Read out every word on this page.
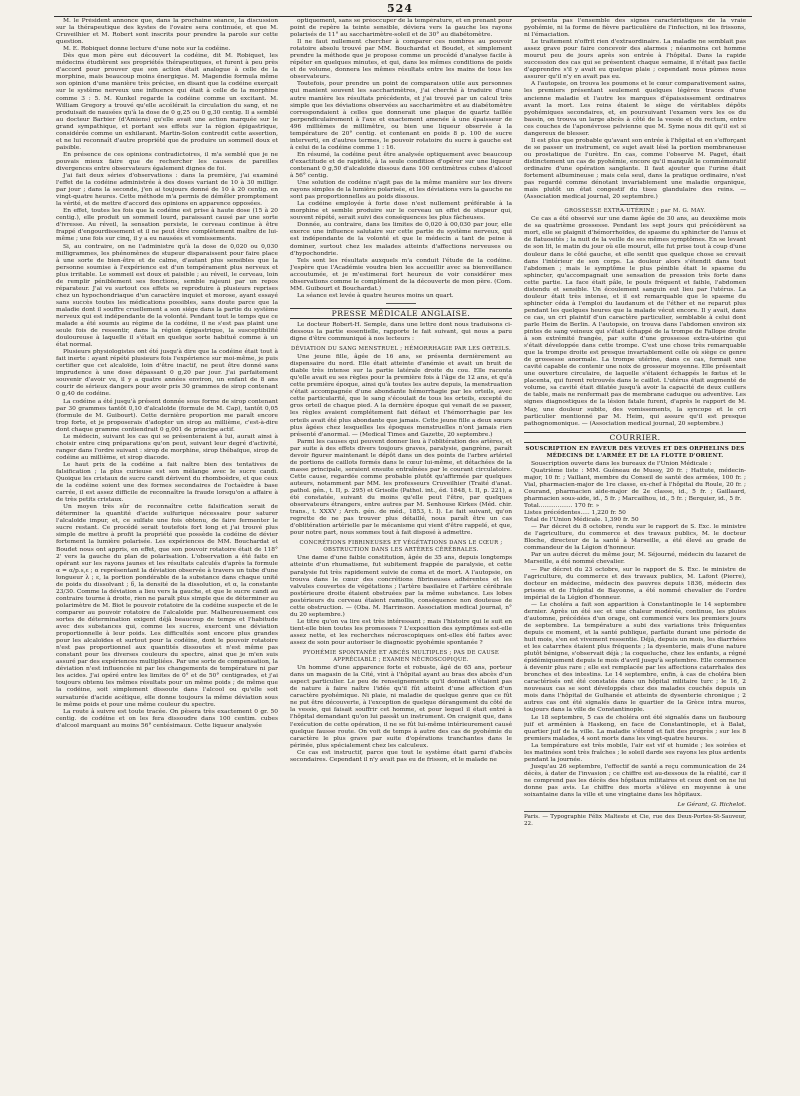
524

M. le Président annonce que, dans la prochaine séance, la discussion sur la thérapeutique des kystes de l'ovaire sera continuée, et que M. Cruveilhier et M. Robert sont inscrits pour prendre la parole sur cette question.

M. E. Robiquet donne lecture d'une note sur la codéine.

Dès que mon père eut découvert la codéine, dit M. Robiquet, les médecins étudièrent ses propriétés thérapeutiques, et furent à peu près d'accord pour prouver que son action était analogue à celle de la morphine, mais beaucoup moins énergique. M. Magendie formula même son opinion d'une manière très précise, en disant que la codéine exerçait sur le système nerveux une influence qui était à celle de la morphine comme 3 : 5. M. Kunkel regarde la codéine comme un excitant. M. William Gregory a trouvé qu'elle accélérait la circulation du sang, et ne produisait de nausées qu'à la dose de 0 g,25 ou 0 g,30 centig. Il a semblé au docteur Barbier (d'Amiens) qu'elle avait une action marquée sur le grand sympathique, et portant ses effets sur la région épigastrique, considérée comme un exhilarant. Martin-Solon contredit cette assertion, et ne lui reconnaît d'autre propriété que de produire un sommeil doux et paisible.

En présence de ces opinions contradictoires, il m'a semblé que je ne pouvais mieux faire que de rechercher les causes de pareilles divergences entre observateurs également dignes de foi.

J'ai fait deux séries d'observations : dans la première, j'ai examiné l'effet de la codéine administrée à des doses variant de 10 à 30 milligr. par jour ; dans la seconde, j'en ai toujours donné de 10 à 20 centig. en vingt-quatre heures. Cette méthode m'a permis de démêler promptement la vérité, et de mettre d'accord des opinions en apparence opposées.

En effet, toutes les fois que la codéine est prise à haute dose (15 à 20 centig.), elle produit un sommeil lourd, paraissant causé par une sorte d'ivresse. Au réveil, la sensation persiste, le cerveau continue à être frappé d'engourdissement et il ne peut être complètement maître de lui-même ; une fois sur cinq, il y a eu nausées et vomissements.

Si, au contraire, on ne l'administre qu'à la dose de 0,020 ou 0,030 milligrammes, les phénomènes de stupeur disparaissent pour faire place à une sorte de bien-être et de calme, d'autant plus sensibles que la personne soumise à l'expérience est d'un tempérament plus nerveux et plus irritable. Le sommeil est doux et paisible ; au réveil, le cerveau, loin de remplir péniblement ses fonctions, semble rajeuni par un repos réparateur. J'ai vu surtout ces effets se reproduire à plusieurs reprises chez un hypochondriaque d'un caractère inquiet et morose, ayant essayé sans succès toutes les médications possibles, sans doute parce que la maladie dont il souffre cruellement a son siége dans la partie du système nerveux qui est indépendante de la volonté. Pendant tout le temps que ce malade a été soumis au régime de la codéine, il ne s'est pas plaint une seule fois de ressentir, dans la région épigastrique, la susceptibilité douloureuse à laquelle il s'était en quelque sorte habitué comme à un état normal.

Plusieurs physiologistes ont été jusqu'à dire que la codéine était tout à fait inerte : ayant répété plusieurs fois l'expérience sur moi-même, je puis certifier que cet alcaloïde, loin d'être inactif, ne peut être donné sans imprudence à une dose dépassant 0 g,20 par jour. J'ai parfaitement souvenir d'avoir vu, il y a quatre années environ, un enfant de 8 ans courir de sérieux dangers pour avoir pris 30 grammes de sirop contenant 0 g,40 de codéine.

La codéine a été jusqu'à présent donnée sous forme de sirop contenant par 30 grammes tantôt 0,10 d'alcaloïde (formule de M. Cap), tantôt 0,05 (formule de M. Guibourt). Cette dernière proportion me paraît encore trop forte, et je proposerais d'adopter un sirop au millième, c'est-à-dire dont chaque gramme contiendrait 0 g,001 de principe actif.

Le médecin, suivant les cas qui se présenteraient à lui, aurait ainsi à choisir entre cinq préparations qu'on peut, suivant leur degré d'activité, ranger dans l'ordre suivant : sirop de morphine, sirop thébaïque, sirop de codéine au millième, et sirop diacode.

Le haut prix de la codéine a fait naître bien des tentatives de falsification ; la plus curieuse est son mélange avec le sucre candi. Quoique les cristaux de sucre candi dérivent du rhomboèdre, et que ceux de la codéine soient une des formes secondaires de l'octaèdre à base carrée, il est assez difficile de reconnaître la fraude lorsqu'on a affaire à de très petits cristaux.

Un moyen très sûr de reconnaître cette falsification serait de déterminer la quantité d'acide sulfurique nécessaire pour saturer l'alcaloïde impur, et, ce sulfate une fois obtenu, de faire fermenter le sucre restant. Ce procédé serait toutefois fort long et j'ai trouvé plus simple de mettre à profit la propriété que possède la codéine de dévier fortement la lumière polarisée. Les expériences de MM. Bouchardat et Boudet nous ont appris, en effet, que son pouvoir rotatoire était de 118° 2' vers la gauche du plan de polarisation. L'observation a été faite en opérant sur les rayons jaunes et les résultats calculés d'après la formule α = α/p.s,ε ; α représentant la déviation observée à travers un tube d'une longueur λ ; ε, la portion pondérable de la substance dans chaque unité de poids du dissolvant ; δ, la densité de la dissolution, et α, la constante 23/30. Comme la déviation a lieu vers la gauche, et que le sucre candi au contraire tourne à droite, rien ne paraît plus simple que de déterminer au polarimètre de M. Biot le pouvoir rotatoire de la codéine suspecte et de le comparer au pouvoir rotatoire de l'alcaloïde pur. Malheureusement ces sortes de détermination exigent déjà beaucoup de temps et l'habitude avec des substances qui, comme les sucres, exercent une déviation proportionnelle à leur poids. Les difficultés sont encore plus grandes pour les alcaloïdes et surtout pour la codéine, dont le pouvoir rotatoire n'est pas proportionnel aux quantités dissoutes et n'est même pas constant pour les diverses couleurs du spectre, ainsi que je m'en suis assuré par des expériences multipliées. Par une sorte de compensation, la déviation n'est influencée ni par les changements de température ni par les acides. J'ai opéré entre les limites de 0° et de 50° centigrades, et j'ai toujours obtenu les mêmes résultats pour un même poids ; de même que la codéine, soit simplement dissoute dans l'alcool ou qu'elle soit sursaturée d'acide acétique, elle donne toujours la même déviation sous le même poids et pour une même couleur du spectre.

La route à suivre est toute tracée. On pèsera très exactement 0 gr. 50 centig. de codéine et on les fera dissoudre dans 100 centim. cubes d'alcool marquant au moins 56° centésimaux. Cette liqueur analysée

optiquement, sans se préoccuper de la température, et en prenant pour point de repère la teinte sensible, déviera vers la gauche les rayons polarisés de 11° au saccharimètre-soleil et de 30° au diabétomètre.

Il ne faut nullement chercher à comparer ces nombres au pouvoir rotatoire absolu trouvé par MM. Bouchardat et Boudet, et simplement prendre la méthode que je propose comme un procédé d'analyse facile à répéter en quelques minutes, et qui, dans les mêmes conditions de poids et de volume, donnera les mêmes résultats entre les mains de tous les observateurs.

Toutefois, pour prendre un point de comparaison utile aux personnes qui manient souvent les saccharimètres, j'ai cherché à traduire d'une autre manière les résultats précédents, et j'ai trouvé par un calcul très simple que les déviations observées au saccharimètre et au diabétomètre correspondaient à celles que donnerait une plaque de quartz taillée perpendiculairement à l'axe et exactement amenée à une épaisseur de 496 millièmes de millimètre, ou bien une liqueur observée à la température de 20° centig. et contenant en poids 8 p. 100 de sucre interverti, en d'autres termes, le pouvoir rotatoire du sucre à gauche est à celui de la codéine comme 1 : 16.

En résumé, la codéine peut être analysée optiquement avec beaucoup d'exactitude et de rapidité, à la seule condition d'opérer sur une liqueur contenant 0 g,50 d'alcaloïde dissous dans 100 centimètres cubes d'alcool à 56° centig.

Une solution de codéine n'agit pas de la même manière sur les divers rayons simples de la lumière polarisée, et les déviations vers la gauche ne sont pas proportionnelles au poids dissous.

La codéine employée à forte dose n'est nullement préférable à la morphine et semble produire sur le cerveau un effet de stupeur qui, souvent répété, serait suivi des conséquences les plus fâcheuses.

Donnée, au contraire, dans les limites de 0,020 à 00,030 par jour, elle exerce une influence salutaire sur cette partie du système nerveux, qui est indépendante de la volonté et que le médecin a tant de peine à dominer, surtout chez les malades atteints d'affections nerveuses ou d'hypochondrie.

Tels sont les résultats auxquels m'a conduit l'étude de la codéine. J'espère que l'Académie voudra bien les accueillir avec sa bienveillance accoutumée, et je m'estimerai fort heureux de voir considérer mes observations comme le complément de la découverte de mon père. (Com. MM. Guibourt et Bouchardat.)

La séance est levée à quatre heures moins un quart.

PRESSE MÉDICALE ANGLAISE.

Le docteur Robert-H. Semple, dans une lettre dont nous traduisons ci-dessous la partie essentielle, rapporte le fait suivant, qui nous a paru digne d'être communiqué à nos lecteurs :

DÉVIATION DU SANG MENSTRUEL ; HÉMORRHAGIE PAR LES ORTEILS.

Une jeune fille, âgée de 16 ans, se présenta dernièrement au dispensaire du nord. Elle était atteinte d'anémie et avait un bruit de diable très intense sur la partie latérale droite du cou. Elle raconta qu'elle avait eu ses règles pour la première fois à l'âge de 12 ans, et qu'à cette première époque, ainsi qu'à toutes les autre depuis, la menstruation s'était accompagnée d'une abondante hémorrhagie par les orteils, avec cette particularité, que le sang s'écoulait de tous les orteils, excepté du gros orteil de chaque pied. A la dernière époque qui venait de se passer, les règles avaient complétement fait défaut et l'hémorrhagie par les orteils avait été plus abondante que jamais. Cette jeune fille a deux sœurs plus âgées chez lesquelles les époques menstruelles n'ont jamais rien présenté d'anormal. — (Medical Times and Gazette, 20 septembre.)

Parmi les causes qui peuvent donner lieu à l'oblitération des artères, et par suite à des effets divers toujours graves, paralysie, gangrène, paraît devoir figurer maintenant le dépôt dans un des points de l'arbre artériel de portions de caillots formés dans le cœur lui-même, et détachées de la masse principale, seraient ensuite entraînées par le courant circulatoire. Cette cause, regardée comme probable plutôt qu'affirmée par quelques auteurs, notamment par MM. les professeurs Cruveilhier (Traité d'anat. pathol. gén., t. II, p. 295) et Grisolle (Pathol. int., éd. 1848, t. II, p. 221), a été constatée, suivant du moins qu'elle peut l'être, par quelques observateurs étrangers, entre autres par M. Senhouse Kirkes (Méd. chir. trans., t. XXXV ; Arch. gén. de méd., 1853, t. I). Le fait suivant, qu'on regrette de ne pas trouver plus détaillé, nous paraît être un cas d'oblitération artérielle par le mécanisme qui vient d'être rappelé, et que, pour notre part, nous sommes tout à fait disposé à admettre.

CONCRÉTIONS FIBRINEUSES ET VÉGÉTATIONS DANS LE CŒUR ; OBSTRUCTION DANS LES ARTÈRES CÉRÉBRALES.

Une dame d'une faible constitution, âgée de 35 ans, depuis longtemps atteinte d'un rhumatisme, fut subitement frappée de paralysie, et cette paralysie fut très rapidement suivie de coma et de mort. A l'autopsie, on trouva dans le cœur des concrétions fibrineuses adhérentes et les valvules couvertes de végétations ; l'artère basilaire et l'artère cérébrale postérieure droite étaient obstruées par la même substance. Les lobes postérieurs du cerveau étaient ramollis, conséquence non douteuse de cette obstruction. — (Oba. M. Harrinson. Association medical journal, n° du 20 septembre.)

Le titre qu'on va lire est très intéressant ; mais l'histoire qui le suit en tient-elle bien toutes les promesses ? L'exposition des symptômes est-elle assez nette, et les recherches nécroscopiques ont-elles été faites avec assez de soin pour autoriser le diagnostic pyohémie spontanée ?

PYOHÉMIE SPONTANÉE ET ABCÈS MULTIPLES ; PAS DE CAUSE APPRÉCIABLE ; EXAMEN NÉCROSCOPIQUE.

Un homme d'une apparence forte et robuste, âgé de 65 ans, porteur dans un magasin de la Cité, vint à l'hôpital ayant au bras des abcès d'un aspect particulier. Le peu de renseignements qu'il donnait n'étaient pas de nature à faire naître l'idée qu'il fût atteint d'une affection d'un caractère pyohémique. Ni plaie, ni maladie de quelque genre que ce fût ne put être découverte, à l'exception de quelque dérangement du côté de la vessie, qui faisait souffrir cet homme, et pour lequel il était entré à l'hôpital demandant qu'on lui passât un instrument. On craignit que, dans l'exécution de cette opération, il ne se fût lui-même intérieurement causé quelque fausse route. On voit de temps à autre des cas de pyohémie du caractère le plus grave par suite d'opérations tranchantes dans le périnée, plus spécialement chez les calculeux.

Ce cas est instructif, parce que tout le système était garni d'abcès secondaires. Cependant il n'y avait pas eu de frisson, et le malade ne

présenta pas l'ensemble des signes caractéristiques de la vraie pyohémie, ni la forme de fièvre particulière de l'infection, ni les frissons, ni l'émaciation.

Le traitement n'offrit rien d'extraordinaire. La maladie ne semblait pas assez grave pour faire concevoir des alarmes ; néanmoins cet homme mourut peu de jours après son entrée à l'hôpital. Dans la rapide succession des cas qui se présentent chaque semaine, il n'était pas facile d'apprendre s'il y avait eu quelque plaie ; cependant nous pûmes nous assurer qu'il n'y en avait pas eu.

A l'autopsie, on trouva les poumons et le cœur comparativement sains, les premiers présentant seulement quelques légères traces d'une ancienne maladie et l'autre les marques d'épaississement ordinaires avant la mort. Les reins étaient le siège de véritables dépôts pyohémiques secondaires, et, en poursuivant l'examen vers les os du bassin, on trouva un large abcès à côté de la vessie et du rectum, entre ces couches de l'aponévrose pelvienne que M. Syme nous dit qu'il est si dangereux de blesser.

Il est plus que probable qu'avant son entrée à l'hôpital et en s'efforçant de se passer un instrument, ce sujet avait lésé la portion membraneuse ou prostatique de l'urètre. En cas, comme l'observe M. Paget, était distinctement un cas de pyohémie, encore qu'il manquât le commémoratif ordinaire d'une opération sanglante. Il faut ajouter que l'urine était fortement albumineuse ; mais cela seul, dans la pratique ordinaire, n'est pas regardé comme dénotant invariablement une maladie organique, mais plutôt un état congestif du tissu glandulaire des reins. — (Association medical journal, 20 septembre.)

GROSSESSE EXTRA-UTÉRINE ; par M. G. MAY.

Ce cas a été observé sur une dame âgée de 30 ans, au deuxième mois de sa quatrième grossesse. Pendant les sept jours qui précédèrent sa mort, elle se plaignit d'hémorrhoïdes, de spasme du sphincter de l'anus et de flatuosités ; la nuit de la veille de ses mêmes symptômes. En se levant de son lit, le matin du jour où elle mourut, elle fut prise tout à coup d'une douleur dans le côté gauche, et elle sentit que quelque chose se crevait dans l'intérieur de son corps. La douleur alors s'étendit dans tout l'abdomen ; mais le symptôme le plus pénible était le spasme du sphincter, qu'accompagnait une sensation de pression très forte dans cette partie. La face était pâle, le pouls fréquent et faible, l'abdomen distendu et sensible. Un écoulement sanguin eut lieu par l'utérus. La douleur était très intense, et il est remarquable que le spasme du sphincter céda à l'emploi du laudanum et de l'éther et ne reparut plus pendant les quelques heures que la malade vécut encore. Il y avait, dans ce cas, un cri plaintif d'un caractère particulier, semblable à celui dont parle Heim de Berlin. A l'autopsie, on trouva dans l'abdomen environ six pintes de sang veineux qui s'était échappé de la trompe de Fallope droite à son extrémité frangée, par suite d'une grossesse extra-utérine qui s'était développée dans cette trompe. C'est une chose très remarquable que la trompe droite est presque invariablement celle où siège ce genre de grossesse anormale. La trompe utérine, dans ce cas, formait une cavité capable de contenir une noix de grosseur moyenne. Elle présentait une ouverture circulaire, de laquelle s'étaient échappés le fœtus et le placenta, qui furent retrouvés dans le caillot. L'utérus était augmenté de volume, sa cavité était dilatée jusqu'à avoir la capacité de deux cuillers de table, mais ne renfermait pas de membrane caduque ou adventive. Les signes diagnostiques de la lésion fatale furent, d'après le rapport de M. May, une douleur subite, des vomissements, la syncope et le cri particulier mentionné par M. Heim, qui assure qu'il est presque pathognomonique. — (Association medical journal, 20 septembre.)

COURRIER.
SOUSCRIPTION EN FAVEUR DES VEUVES ET DES ORPHELINS DES MÉDECINS DE L'ARMÉE ET DE LA FLOTTE D'ORIENT.

Souscription ouverte dans les bureaux de l'Union Médicale :

Quatrième liste : MM. Guéneau de Mussy, 20 fr. ; Hattute, médecin-major, 10 fr. ; Vaillant, membre du Conseil de santé des armées, 100 fr. ; Vial, pharmacien-major de 1re classe, ex-chef à l'hôpital du Roule, 20 fr. ; Courand, pharmacien aide-major de 2e classe, id., 5 fr. ; Gaillaard, pharmacien sous-aide, id., 5 fr. ; Marcailhou, id., 5 fr. ; Berquier, id., 5 fr.

Total.................. 170 fr. »

Listes précédentes..... 1,220 fr. 50

Total de l'Union Médicale. 1,390 fr. 50

— Par décret du 8 octobre, rendu sur le rapport de S. Exc. le ministre de l'agriculture, du commerce et des travaux publics, M. le docteur Bloche, directeur de la santé à Marseille, a été élevé au grade de commandeur de la Légion d'honneur.

Par un autre décret du même jour, M. Séjourné, médecin du lazaret de Marseille, a été nommé chevalier.

— Par décret du 23 octobre, sur le rapport de S. Exc. le ministre de l'agriculture, du commerce et des travaux publics, M. Lafont (Pierre), docteur en médecine, médecin des pauvres depuis 1836, médecin des prisons et de l'hôpital de Bayonne, a été nommé chevalier de l'ordre impérial de la Légion d'honneur.

— Le choléra a fait son apparition à Constantinople le 14 septembre dernier. Après un été sec et une chaleur modérée, continue, les pluies d'automne, précédées d'un orage, ont commencé vers les premiers jours de septembre. La température a subi des variations très fréquentes depuis ce moment, et la santé publique, parfaite durant une période de huit mois, s'en est vivement ressentie. Déjà, depuis un mois, les diarrhées et les catarrhes étaient plus fréquents ; la dysenterie, mais d'une nature plutôt bénigne, s'observait déjà ; la coqueluche, chez les enfants, a régné épidémiquement depuis le mois d'avril jusqu'à septembre. Elle commence à devenir plus rare ; elle est remplacée par les affections catarrhales des bronches et des intestins. Le 14 septembre, enfin, à cas de choléra bien caractérisés ont été constatés dans un hôpital militaire turc ; le 16, 2 nouveaux cas se sont développés chez des malades couchés depuis un mois dans l'hôpital de Gulhanée et atteints de dysenterie chronique ; 2 autres cas ont été signalés dans le quartier de la Grèce intra muros, toujours dans la ville de Constantinople.

Le 18 septembre, 5 cas de choléra ont été signalés dans un faubourg juif et arménien à Haskeng, en face de Constantinople, et à Balat, quartier juif de la ville. La maladie s'étend et fait des progrès ; sur les 8 premiers malades, 4 sont morts dans les vingt-quatre heures.

La température est très mobile, l'air est vif et humide ; les soirées et les matinées sont très fraîches ; le soleil darde ses rayons les plus ardents pendant la journée.

Jusqu'au 26 septembre, l'effectif de santé a reçu communication de 24 décès, à dater de l'invasion ; ce chiffre est au-dessous de la réalité, car il ne comprend pas les décès des hôpitaux militaires et ceux dont on ne lui donne pas avis. Le chiffre des morts s'élève en moyenne à une soixantaine dans la ville et une vingtaine dans les hôpitaux.

Le Gérant, G. Richelot.
Paris. — Typographie Félix Malteste et Cie, rue des Deux-Portes-St-Sauveur, 22.
